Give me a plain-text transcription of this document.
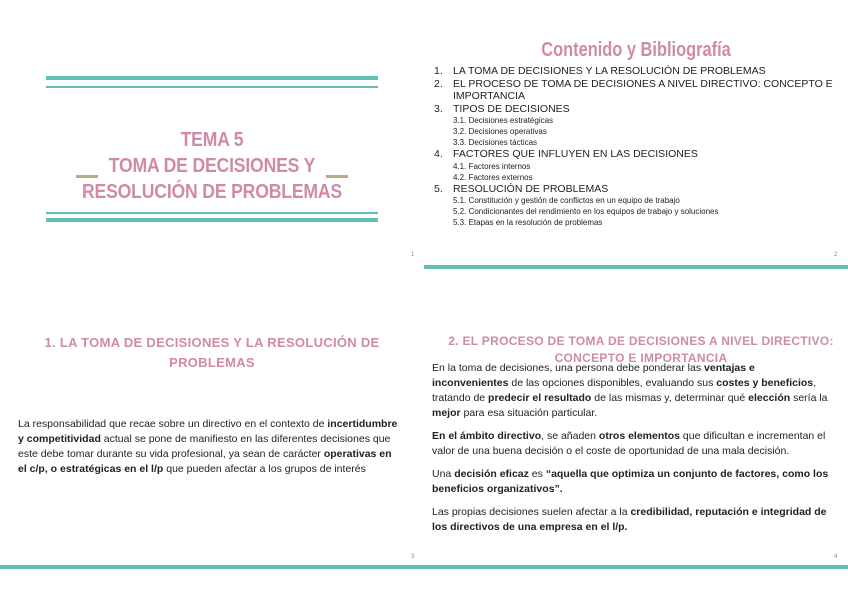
TEMA 5
TOMA DE DECISIONES Y
RESOLUCIÓN DE PROBLEMAS
1
Contenido y Bibliografía
1. LA TOMA DE DECISIONES Y LA RESOLUCIÓN DE PROBLEMAS
2. EL PROCESO DE TOMA DE DECISIONES A NIVEL DIRECTIVO: CONCEPTO E IMPORTANCIA
3. TIPOS DE DECISIONES
3.1. Decisiones estratégicas
3.2. Decisiones operativas
3.3. Decisiones tácticas
4. FACTORES QUE INFLUYEN EN LAS DECISIONES
4.1. Factores internos
4.2. Factores externos
5. RESOLUCIÓN DE PROBLEMAS
5.1. Constitución y gestión de conflictos en un equipo de trabajo
5.2. Condicionantes del rendimiento en los equipos de trabajo y soluciones
5.3. Etapas en la resolución de problemas
2
1. LA TOMA DE DECISIONES Y LA RESOLUCIÓN DE PROBLEMAS
La responsabilidad que recae sobre un directivo en el contexto de incertidumbre y competitividad actual se pone de manifiesto en las diferentes decisiones que este debe tomar durante su vida profesional, ya sean de carácter operativas en el c/p, o estratégicas en el l/p que pueden afectar a los grupos de interés
3
2. EL PROCESO DE TOMA DE DECISIONES A NIVEL DIRECTIVO: CONCEPTO E IMPORTANCIA

En la toma de decisiones, una persona debe ponderar las ventajas e inconvenientes de las opciones disponibles, evaluando sus costes y beneficios, tratando de predecir el resultado de las mismas y, determinar qué elección sería la mejor para esa situación particular.

En el ámbito directivo, se añaden otros elementos que dificultan e incrementan el valor de una buena decisión o el coste de oportunidad de una mala decisión.

Una decisión eficaz es “aquella que optimiza un conjunto de factores, como los beneficios organizativos”.

Las propias decisiones suelen afectar a la credibilidad, reputación e integridad de los directivos de una empresa en el l/p.

4
